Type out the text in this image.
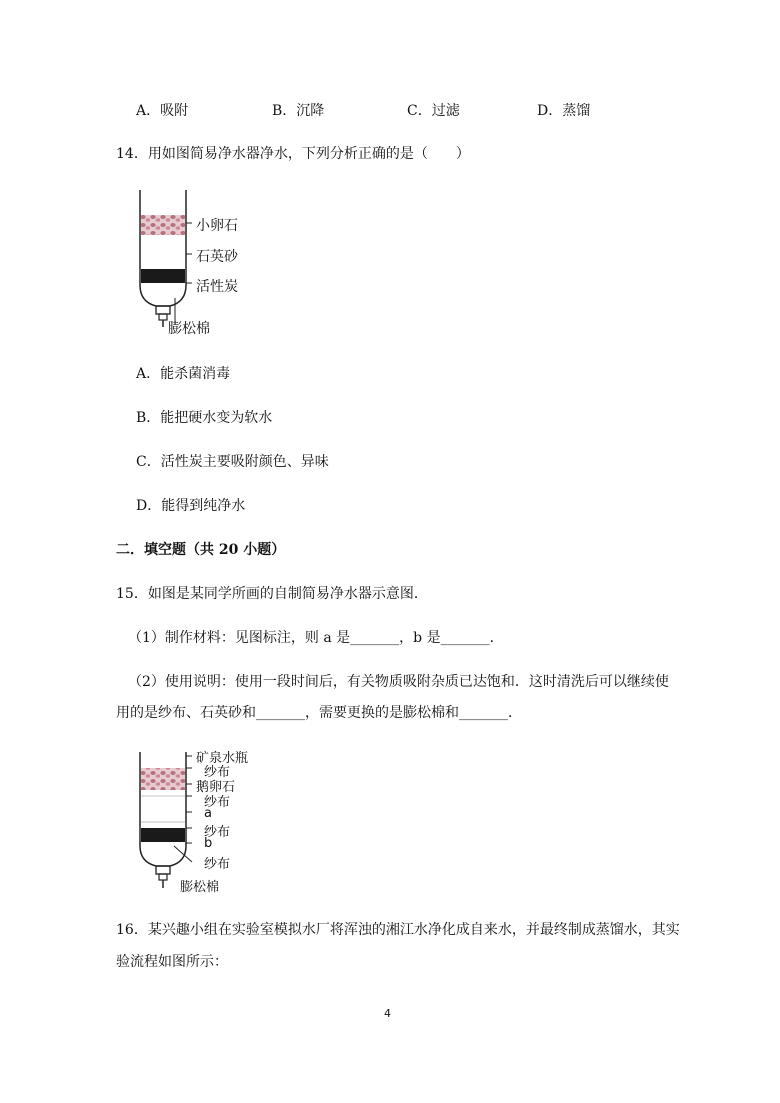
A．吸附	B．沉降	C．过滤	D．蒸馏
14．用如图简易净水器净水，下列分析正确的是（　　）
小卵石
石英砂
活性炭
膨松棉
A．能杀菌消毒
B．能把硬水变为软水
C．活性炭主要吸附颜色、异味
D．能得到纯净水
二．填空题（共 20 小题）
15．如图是某同学所画的自制简易净水器示意图．
（1）制作材料：见图标注，则 a 是_______，b 是_______．
（2）使用说明：使用一段时间后，有关物质吸附杂质已达饱和．这时清洗后可以继续使
用的是纱布、石英砂和_______，需要更换的是膨松棉和_______．
矿泉水瓶
纱布
鹅卵石
纱布
a
纱布
b
纱布
膨松棉
16．某兴趣小组在实验室模拟水厂将浑浊的湘江水净化成自来水，并最终制成蒸馏水，其实
验流程如图所示：
4
